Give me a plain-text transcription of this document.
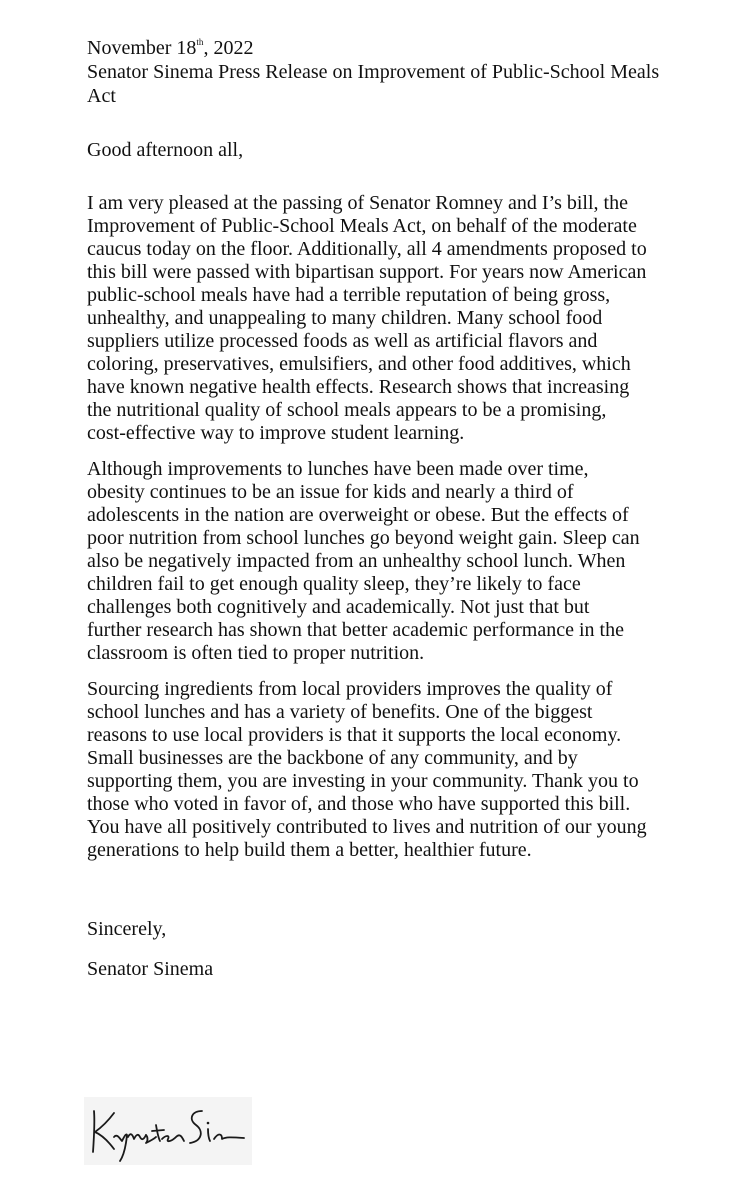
November 18th, 2022

Senator Sinema Press Release on Improvement of Public-School Meals Act

Good afternoon all,

I am very pleased at the passing of Senator Romney and I’s bill, the Improvement of Public-School Meals Act, on behalf of the moderate caucus today on the floor. Additionally, all 4 amendments proposed to this bill were passed with bipartisan support. For years now American public-school meals have had a terrible reputation of being gross, unhealthy, and unappealing to many children. Many school food suppliers utilize processed foods as well as artificial flavors and coloring, preservatives, emulsifiers, and other food additives, which have known negative health effects. Research shows that increasing the nutritional quality of school meals appears to be a promising, cost-effective way to improve student learning.

Although improvements to lunches have been made over time, obesity continues to be an issue for kids and nearly a third of adolescents in the nation are overweight or obese. But the effects of poor nutrition from school lunches go beyond weight gain. Sleep can also be negatively impacted from an unhealthy school lunch. When children fail to get enough quality sleep, they’re likely to face challenges both cognitively and academically. Not just that but further research has shown that better academic performance in the classroom is often tied to proper nutrition.

Sourcing ingredients from local providers improves the quality of school lunches and has a variety of benefits. One of the biggest reasons to use local providers is that it supports the local economy. Small businesses are the backbone of any community, and by supporting them, you are investing in your community. Thank you to those who voted in favor of, and those who have supported this bill. You have all positively contributed to lives and nutrition of our young generations to help build them a better, healthier future.

Sincerely,

Senator Sinema
